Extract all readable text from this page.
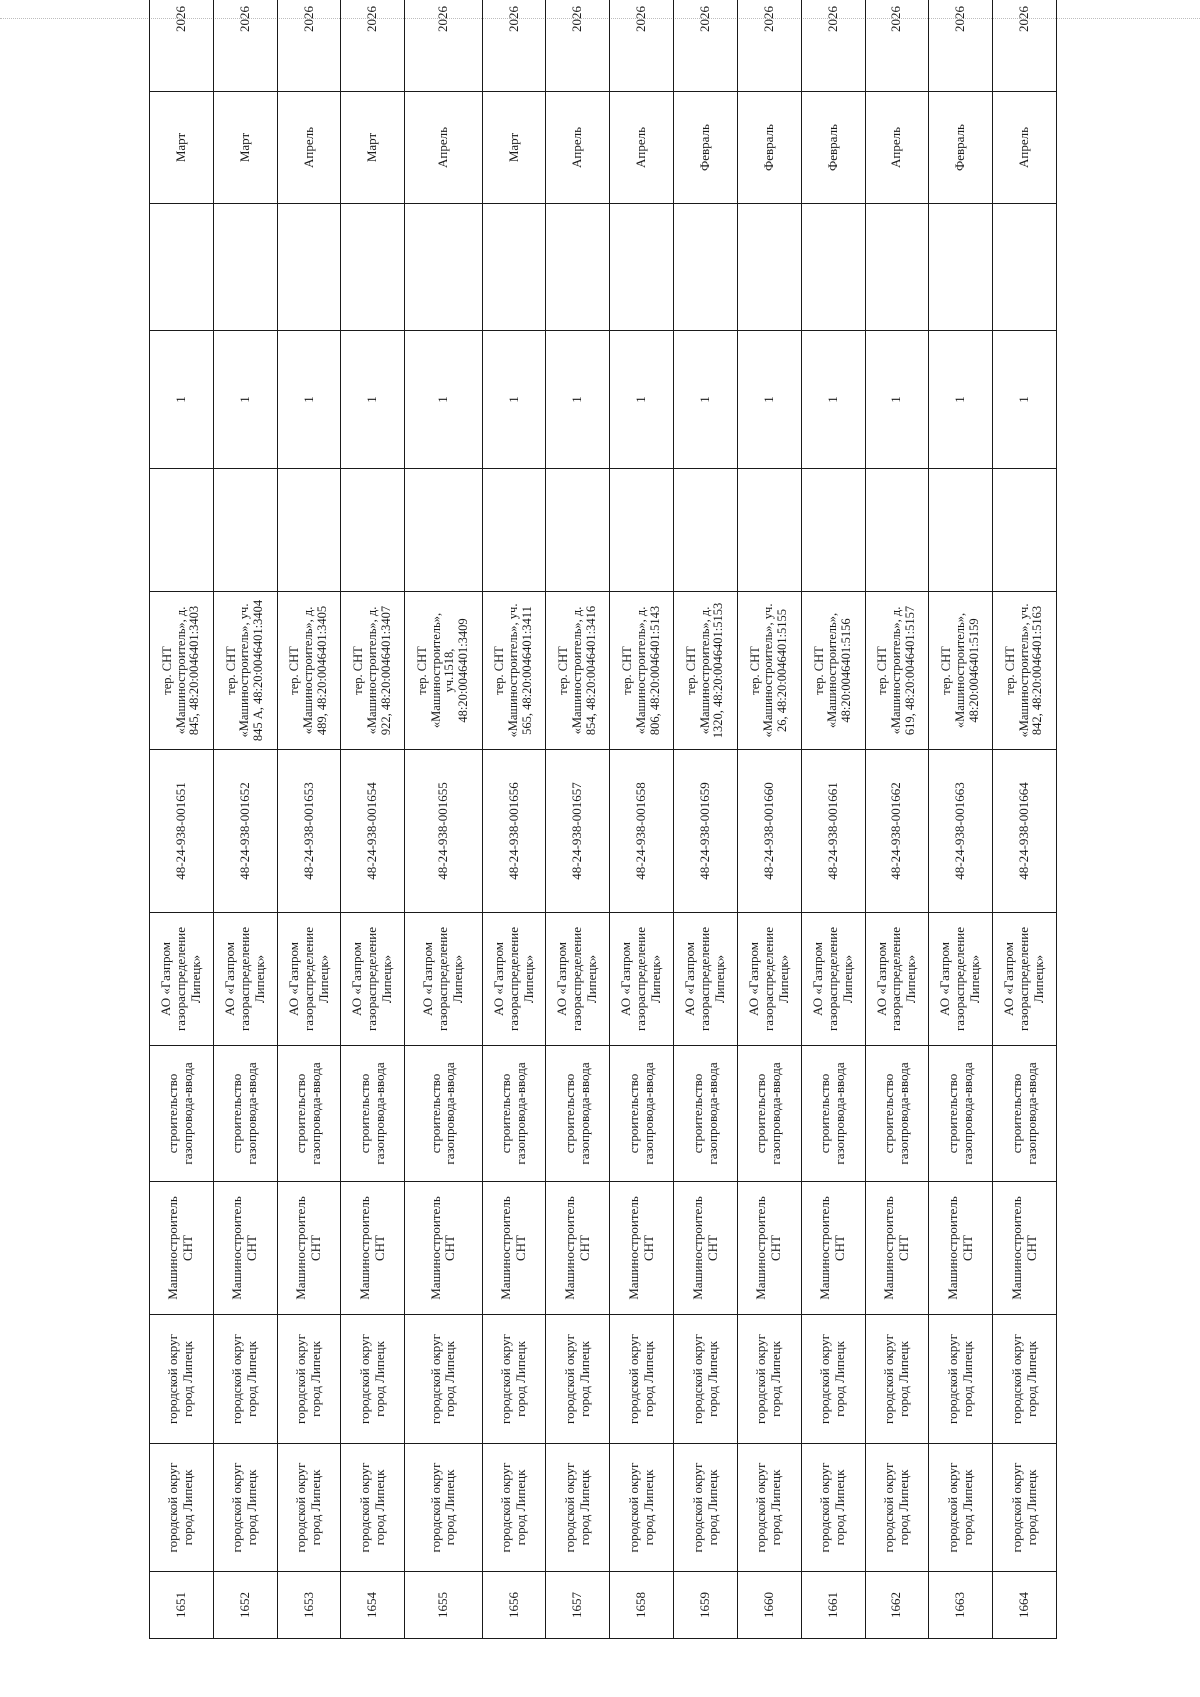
1651	городской округ город Липецк	городской округ город Липецк	Машиностроитель СНТ	строительство газопровода-ввода	АО «Газпром газораспределение Липецк»	48-24-938-001651	тер. СНТ «Машиностроитель», д. 845, 48:20:0046401:3403		1		Март	2026
1652	городской округ город Липецк	городской округ город Липецк	Машиностроитель СНТ	строительство газопровода-ввода	АО «Газпром газораспределение Липецк»	48-24-938-001652	тер. СНТ «Машиностроитель», уч. 845 А, 48:20:0046401:3404		1		Март	2026
1653	городской округ город Липецк	городской округ город Липецк	Машиностроитель СНТ	строительство газопровода-ввода	АО «Газпром газораспределение Липецк»	48-24-938-001653	тер. СНТ «Машиностроитель», д. 489, 48:20:0046401:3405		1		Апрель	2026
1654	городской округ город Липецк	городской округ город Липецк	Машиностроитель СНТ	строительство газопровода-ввода	АО «Газпром газораспределение Липецк»	48-24-938-001654	тер. СНТ «Машиностроитель», д. 922, 48:20:0046401:3407		1		Март	2026
1655	городской округ город Липецк	городской округ город Липецк	Машиностроитель СНТ	строительство газопровода-ввода	АО «Газпром газораспределение Липецк»	48-24-938-001655	тер. СНТ «Машиностроитель», уч.1518, 48:20:0046401:3409		1		Апрель	2026
1656	городской округ город Липецк	городской округ город Липецк	Машиностроитель СНТ	строительство газопровода-ввода	АО «Газпром газораспределение Липецк»	48-24-938-001656	тер. СНТ «Машиностроитель», уч. 565, 48:20:0046401:3411		1		Март	2026
1657	городской округ город Липецк	городской округ город Липецк	Машиностроитель СНТ	строительство газопровода-ввода	АО «Газпром газораспределение Липецк»	48-24-938-001657	тер. СНТ «Машиностроитель», д. 854, 48:20:0046401:3416		1		Апрель	2026
1658	городской округ город Липецк	городской округ город Липецк	Машиностроитель СНТ	строительство газопровода-ввода	АО «Газпром газораспределение Липецк»	48-24-938-001658	тер. СНТ «Машиностроитель», д. 806, 48:20:0046401:5143		1		Апрель	2026
1659	городской округ город Липецк	городской округ город Липецк	Машиностроитель СНТ	строительство газопровода-ввода	АО «Газпром газораспределение Липецк»	48-24-938-001659	тер. СНТ «Машиностроитель», д. 1320, 48:20:0046401:5153		1		Февраль	2026
1660	городской округ город Липецк	городской округ город Липецк	Машиностроитель СНТ	строительство газопровода-ввода	АО «Газпром газораспределение Липецк»	48-24-938-001660	тер. СНТ «Машиностроитель», уч. 26, 48:20:0046401:5155		1		Февраль	2026
1661	городской округ город Липецк	городской округ город Липецк	Машиностроитель СНТ	строительство газопровода-ввода	АО «Газпром газораспределение Липецк»	48-24-938-001661	тер. СНТ «Машиностроитель», 48:20:0046401:5156		1		Февраль	2026
1662	городской округ город Липецк	городской округ город Липецк	Машиностроитель СНТ	строительство газопровода-ввода	АО «Газпром газораспределение Липецк»	48-24-938-001662	тер. СНТ «Машиностроитель», д. 619, 48:20:0046401:5157		1		Апрель	2026
1663	городской округ город Липецк	городской округ город Липецк	Машиностроитель СНТ	строительство газопровода-ввода	АО «Газпром газораспределение Липецк»	48-24-938-001663	тер. СНТ «Машиностроитель», 48:20:0046401:5159		1		Февраль	2026
1664	городской округ город Липецк	городской округ город Липецк	Машиностроитель СНТ	строительство газопровода-ввода	АО «Газпром газораспределение Липецк»	48-24-938-001664	тер. СНТ «Машиностроитель», уч. 842, 48:20:0046401:5163		1		Апрель	2026
